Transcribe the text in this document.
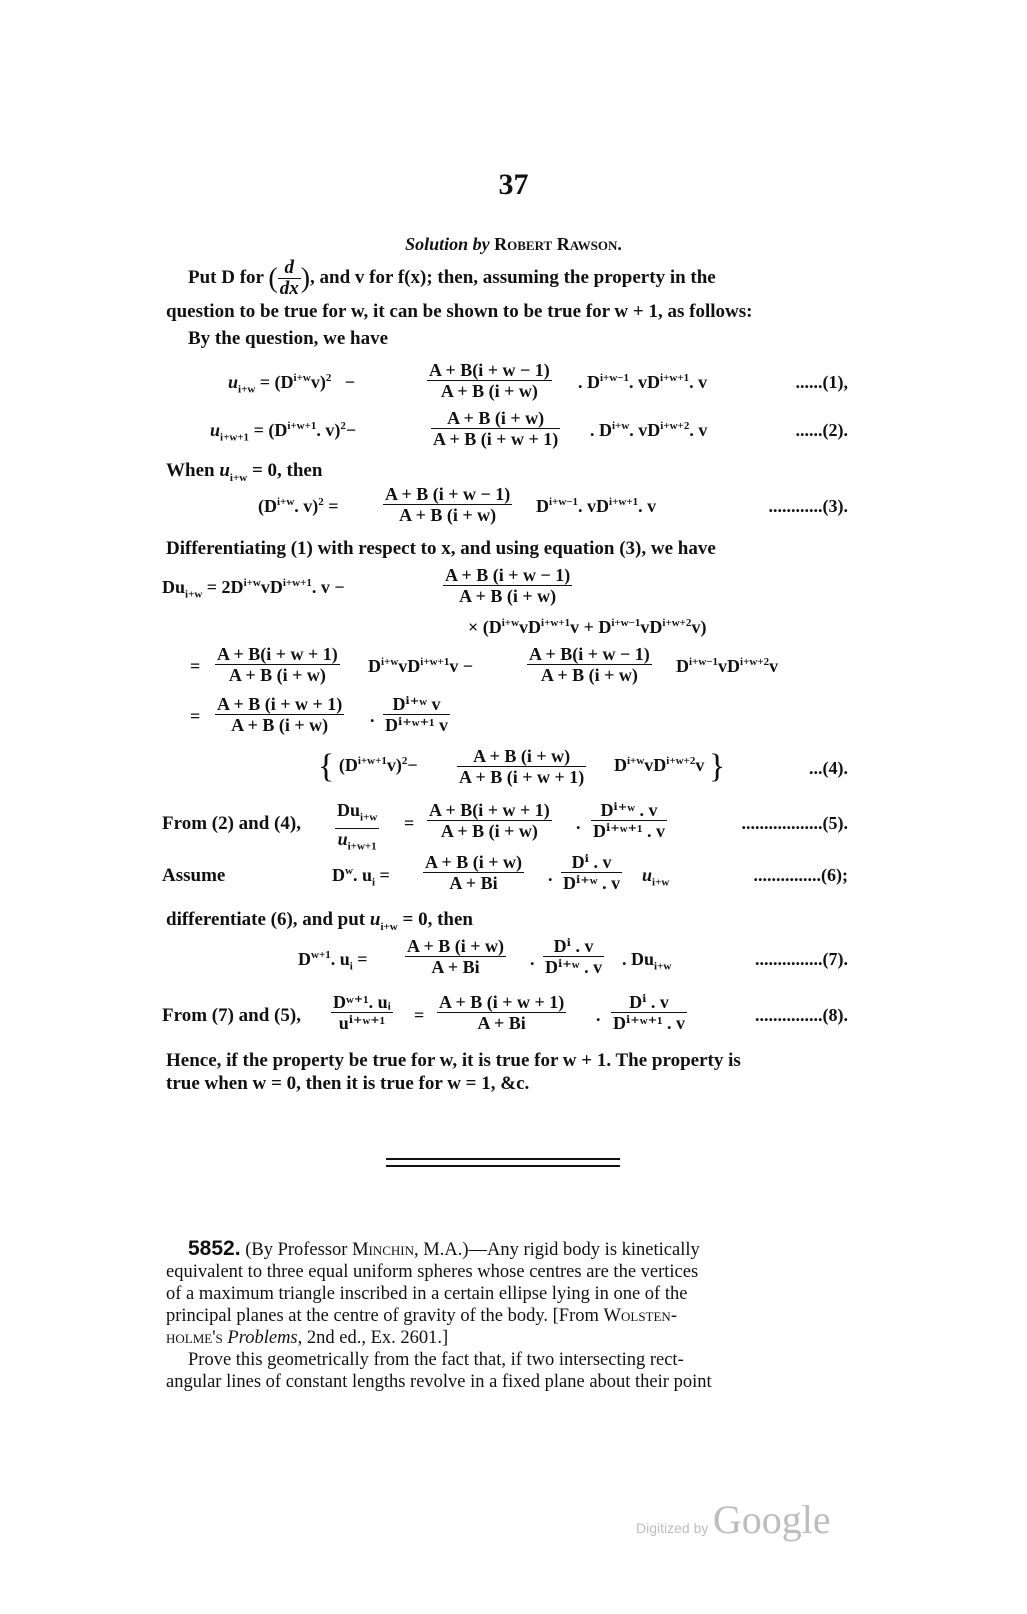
37
Solution by Robert Rawson.
Put D for ( $\frac{d}{dx}$ ), and v for f(x); then, assuming the property in the
question to be true for w, it can be shown to be true for w + 1, as follows:
By the question, we have
$u_{i+w} = (D^{i+w}v)^2$   −	$\frac{A + B(i + w - 1)}{A + B (i + w)}$ . $D^{i+w-1}$. $vD^{i+w+1}$. v	......(1),
$u_{i+w+1} = (D^{i+w+1}$. v)$^2$−	$\frac{A + B (i + w)}{A + B (i + w + 1)}$ . $D^{i+w}$. $vD^{i+w+2}$. v	......(2).
When $u_{i+w} = 0$, then
($D^{i+w}$. $v)^2 = \frac{A + B (i + w - 1)}{A + B (i + w)} D^{i+w-1}$. $vD^{i+w+1}$. v	............(3).
Differentiating (1) with respect to x, and using equation (3), we have
$Du_{i+w} = 2D^{i+w}vD^{i+w+1}$. v −	$\frac{A + B (i + w - 1)}{A + B (i + w)}$
× $(D^{i+w}vD^{i+w+1}v + D^{i+w-1}vD^{i+w+2}v)$
= $\frac{A + B(i + w + 1)}{A + B (i + w)} D^{i+w}vD^{i+w+1}v$ −	$\frac{A + B(i + w - 1)}{A + B (i + w)} D^{i+w-1}vD^{i+w+2}v$
= $\frac{A + B (i + w + 1)}{A + B (i + w)}$ . $\frac{\text{Dⁱ⁺ʷ v}}{\text{Dⁱ⁺ʷ⁺¹ v}}$
{ $(D^{i+w+1}v)^2- \frac{A + B (i + w)}{A + B (i + w + 1)} D^{i+w}vD^{i+w+2}v$ }	...(4).
From (2) and (4),
$Du_{i+w}$
$u_{i+w+1}$
= $\frac{A + B(i + w + 1)}{A + B (i + w)}$ . $\frac{\text{Dⁱ⁺ʷ . v}}{\text{Dⁱ⁺ʷ⁺¹ . v}}$	..................(5).
Assume	$D^w$. $u_i = \frac{A + B (i + w)}{A + Bi}$ . $\frac{\text{Dⁱ . v}}{\text{Dⁱ⁺ʷ . v}} u_{i+w}$	...............(6);
differentiate (6), and put $u_{i+w} = 0$, then
$D^{w+1}$. $u_i = \frac{A + B (i + w)}{A + Bi}$ . $\frac{\text{Dⁱ . v}}{\text{Dⁱ⁺ʷ . v}}$ . $Du_{i+w}$	...............(7).
From (7) and (5), $\frac{\text{Dʷ⁺¹. uᵢ}}{\text{uⁱ⁺ʷ⁺¹}} = \frac{A + B (i + w + 1)}{A + Bi}$ . $\frac{\text{Dⁱ . v}}{\text{Dⁱ⁺ʷ⁺¹ . v}}$	...............(8).
Hence, if the property be true for w, it is true for w + 1. The property is
true when w = 0, then it is true for w = 1, &c.
5852. (By Professor Minchin, M.A.)—Any rigid body is kinetically
equivalent to three equal uniform spheres whose centres are the vertices
of a maximum triangle inscribed in a certain ellipse lying in one of the
principal planes at the centre of gravity of the body. [From Wolsten-
holme's Problems, 2nd ed., Ex. 2601.]
Prove this geometrically from the fact that, if two intersecting rect-
angular lines of constant lengths revolve in a fixed plane about their point
Digitized by Google
